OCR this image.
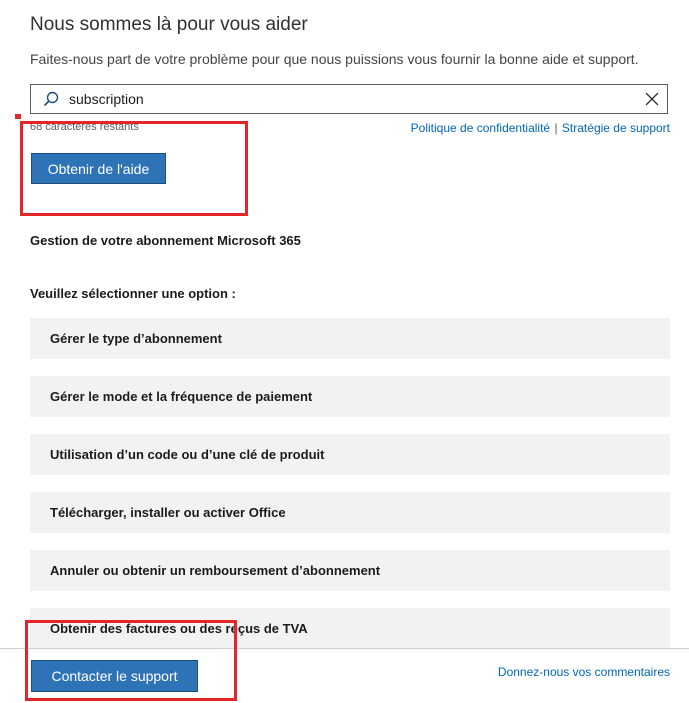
Nous sommes là pour vous aider
Faites-nous part de votre problème pour que nous puissions vous fournir la bonne aide et support.
subscription
68 caractères restants	Politique de confidentialité | Stratégie de support
Obtenir de l'aide
Gestion de votre abonnement Microsoft 365
Veuillez sélectionner une option :
Gérer le type d’abonnement
Gérer le mode et la fréquence de paiement
Utilisation d’un code ou d’une clé de produit
Télécharger, installer ou activer Office
Annuler ou obtenir un remboursement d’abonnement
Obtenir des factures ou des reçus de TVA
Contacter le support	Donnez-nous vos commentaires
